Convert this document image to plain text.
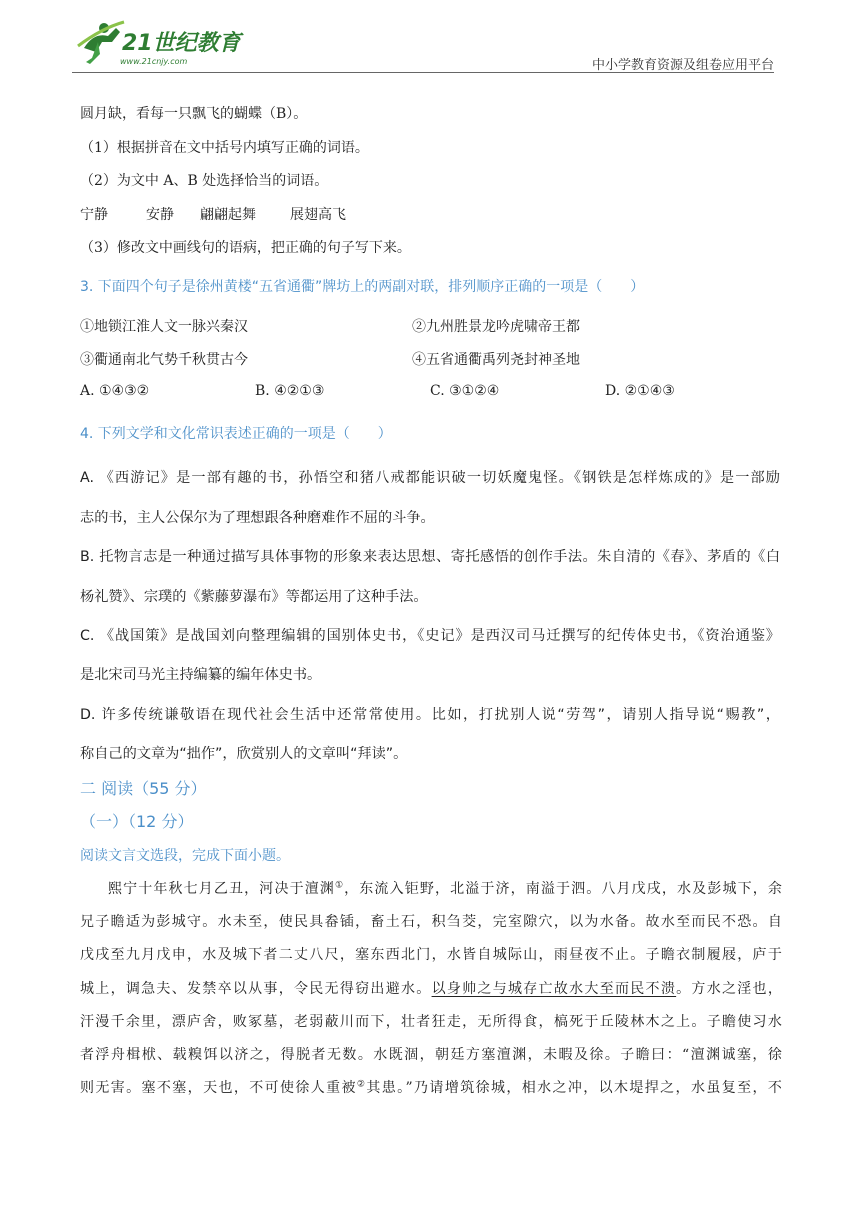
21世纪教育
www.21cnjy.com	中小学教育资源及组卷应用平台
圆月缺，看每一只飘飞的蝴蝶（B）。
（1）根据拼音在文中括号内填写正确的词语。
（2）为文中 A、B 处选择恰当的词语。
宁静	安静 翩翩起舞 展翅高飞
（3）修改文中画线句的语病，把正确的句子写下来。
3. 下面四个句子是徐州黄楼“五省通衢”牌坊上的两副对联，排列顺序正确的一项是（　　）
①地锁江淮人文一脉兴秦汉	②九州胜景龙吟虎啸帝王都
③衢通南北气势千秋贯古今	④五省通衢禹列尧封神圣地
A. ①④③②	B. ④②①③	C. ③①②④	D. ②①④③
4. 下列文学和文化常识表述正确的一项是（　　）
A. 《西游记》是一部有趣的书，孙悟空和猪八戒都能识破一切妖魔鬼怪。《钢铁是怎样炼成的》是一部励
志的书，主人公保尔为了理想跟各种磨难作不屈的斗争。
B. 托物言志是一种通过描写具体事物的形象来表达思想、寄托感悟的创作手法。朱自清的《春》、茅盾的《白
杨礼赞》、宗璞的《紫藤萝瀑布》等都运用了这种手法。
C. 《战国策》是战国刘向整理编辑的国别体史书，《史记》是西汉司马迁撰写的纪传体史书，《资治通鉴》
是北宋司马光主持编纂的编年体史书。
D. 许多传统谦敬语在现代社会生活中还常常使用。比如，打扰别人说“劳驾”，请别人指导说“赐教”，
称自己的文章为“拙作”，欣赏别人的文章叫“拜读”。
二 阅读（55 分）
（一）（12 分）
阅读文言文选段，完成下面小题。
熙宁十年秋七月乙丑，河决于澶渊①，东流入钜野，北溢于济，南溢于泗。八月戊戌，水及彭城下，余
兄子瞻适为彭城守。水未至，使民具畚锸，畜土石，积刍茭，完室隙穴，以为水备。故水至而民不恐。自
戊戌至九月戊申，水及城下者二丈八尺，塞东西北门，水皆自城际山，雨昼夜不止。子瞻衣制履屐，庐于
城上，调急夫、发禁卒以从事，令民无得窃出避水。以身帅之与城存亡故水大至而民不溃。方水之淫也，
汗漫千余里，漂庐舍，败冢墓，老弱蔽川而下，壮者狂走，无所得食，槁死于丘陵林木之上。子瞻使习水
者浮舟楫栿、载糗饵以济之，得脱者无数。水既涸，朝廷方塞澶渊，未暇及徐。子瞻曰：“澶渊诚塞，徐
则无害。塞不塞，天也，不可使徐人重被②其患。”乃请增筑徐城，相水之冲，以木堤捍之，水虽复至，不
